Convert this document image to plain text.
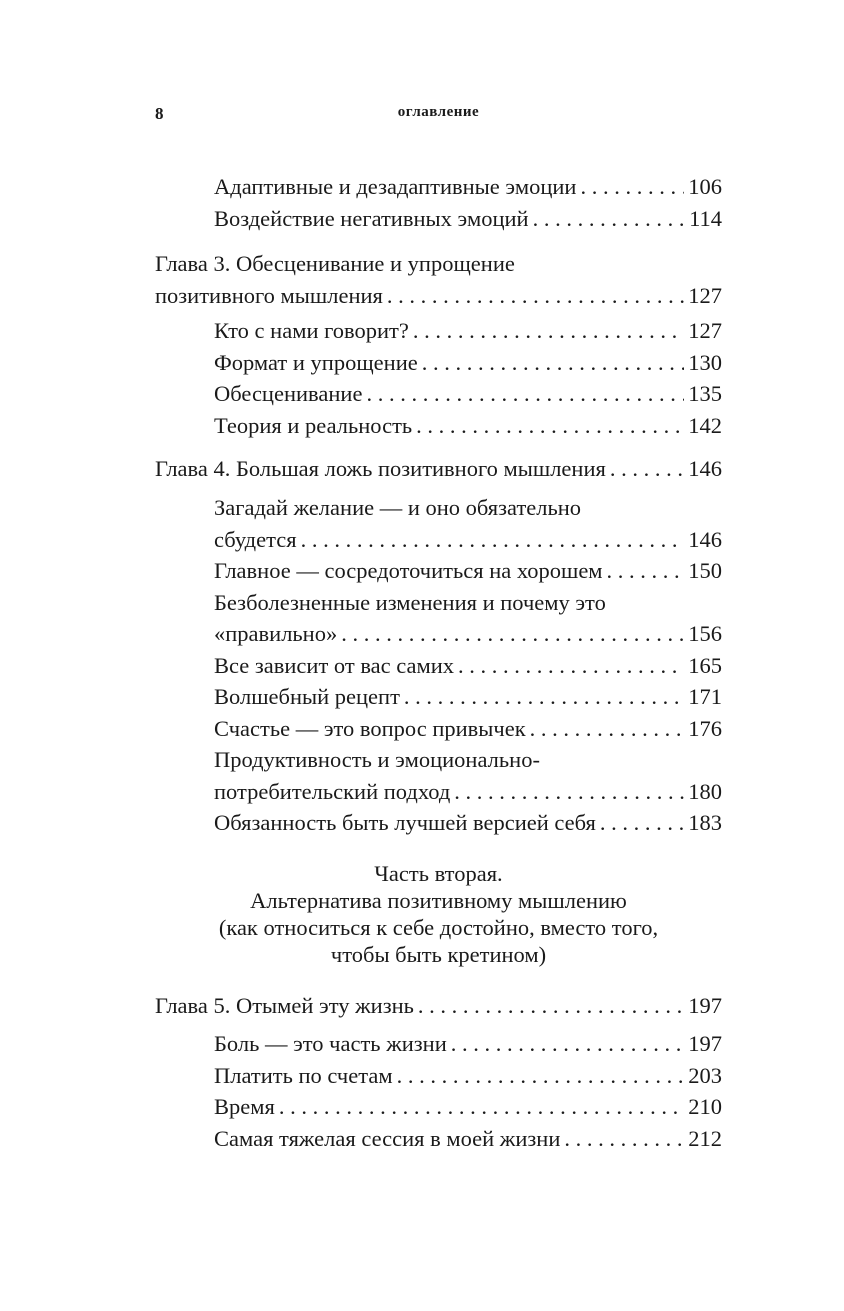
8	оглавление
Адаптивные и дезадаптивные эмоции . . .	106
Воздействие негативных эмоций . . .	114
Глава 3. Обесценивание и упрощение
позитивного мышления . . .	127
Кто с нами говорит? . . .	127
Формат и упрощение . . .	130
Обесценивание . . .	135
Теория и реальность . . .	142
Глава 4. Большая ложь позитивного мышления . . .	146
Загадай желание — и оно обязательно
сбудется . . .	146
Главное — сосредоточиться на хорошем . . .	150
Безболезненные изменения и почему это
«правильно» . . .	156
Все зависит от вас самих . . .	165
Волшебный рецепт . . .	171
Счастье — это вопрос привычек . . .	176
Продуктивность и эмоционально-
потребительский подход . . .	180
Обязанность быть лучшей версией себя . . .	183
Часть вторая.
Альтернатива позитивному мышлению
(как относиться к себе достойно, вместо того,
чтобы быть кретином)
Глава 5. Отымей эту жизнь . . .	197
Боль — это часть жизни . . .	197
Платить по счетам . . .	203
Время . . .	210
Самая тяжелая сессия в моей жизни . . .	212
